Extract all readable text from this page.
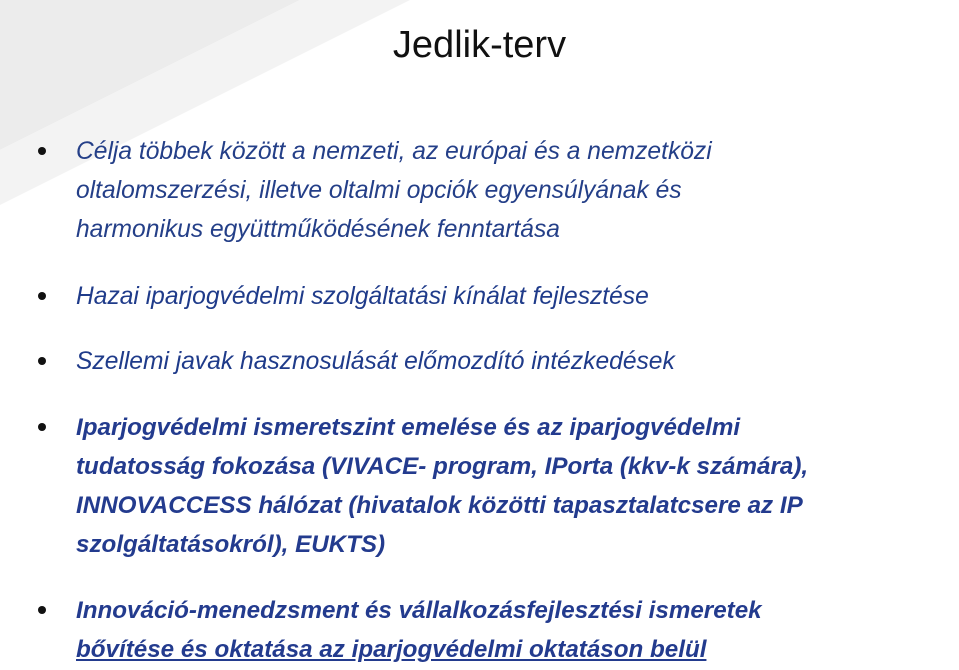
Jedlik-terv
Célja többek között a nemzeti, az európai és a nemzetközi
oltalomszerzési, illetve oltalmi opciók egyensúlyának és
harmonikus együttműködésének fenntartása
Hazai iparjogvédelmi szolgáltatási kínálat fejlesztése
Szellemi javak hasznosulását előmozdító intézkedések
Iparjogvédelmi ismeretszint emelése és az iparjogvédelmi
tudatosság fokozása (VIVACE- program, IPorta (kkv-k számára),
INNOVACCESS hálózat (hivatalok közötti tapasztalatcsere az IP
szolgáltatásokról), EUKTS)
Innováció-menedzsment és vállalkozásfejlesztési ismeretek
bővítése és oktatása az iparjogvédelmi oktatáson belül
